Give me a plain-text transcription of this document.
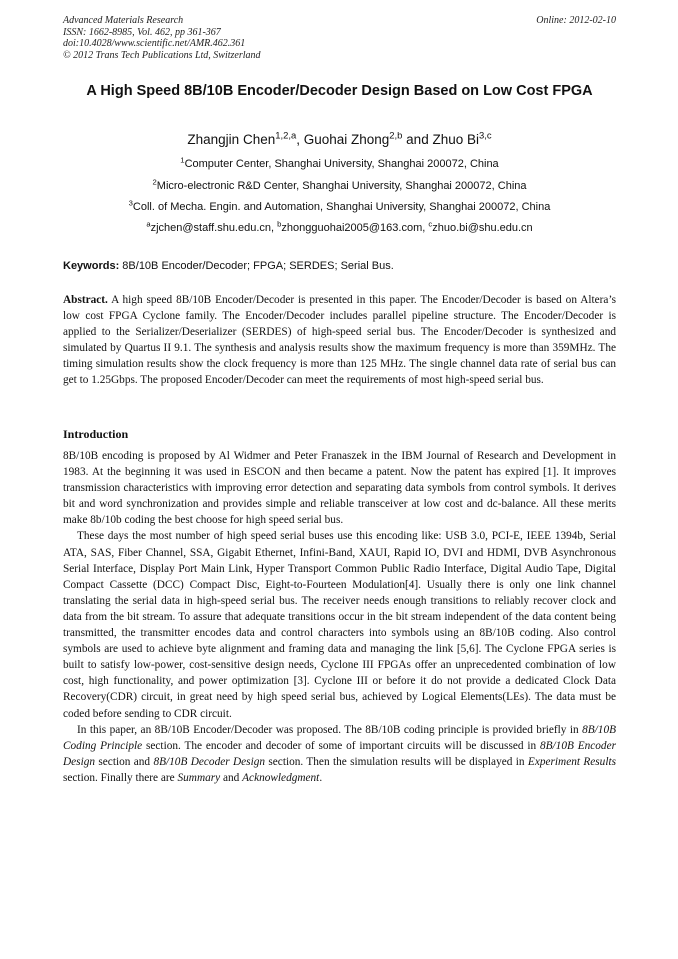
Advanced Materials Research
ISSN: 1662-8985, Vol. 462, pp 361-367
doi:10.4028/www.scientific.net/AMR.462.361
© 2012 Trans Tech Publications Ltd, Switzerland
Online: 2012-02-10
A High Speed 8B/10B Encoder/Decoder Design Based on Low Cost FPGA
Zhangjin Chen$^{1,2,a}$, Guohai Zhong$^{2,b}$ and Zhuo Bi$^{3,c}$
$^1$Computer Center, Shanghai University, Shanghai 200072, China
$^2$Micro-electronic R&D Center, Shanghai University, Shanghai 200072, China
$^3$Coll. of Mecha. Engin. and Automation, Shanghai University, Shanghai 200072, China
$^a$zjchen@staff.shu.edu.cn, $^b$zhongguohai2005@163.com, $^c$zhuo.bi@shu.edu.cn
Keywords: 8B/10B Encoder/Decoder; FPGA; SERDES; Serial Bus.

Abstract. A high speed 8B/10B Encoder/Decoder is presented in this paper. The Encoder/Decoder is based on Altera’s low cost FPGA Cyclone family. The Encoder/Decoder includes parallel pipeline structure. The Encoder/Decoder is applied to the Serializer/Deserializer (SERDES) of high-speed serial bus. The Encoder/Decoder is synthesized and simulated by Quartus II 9.1. The synthesis and analysis results show the maximum frequency is more than 359MHz. The timing simulation results show the clock frequency is more than 125 MHz. The single channel data rate of serial bus can get to 1.25Gbps. The proposed Encoder/Decoder can meet the requirements of most high-speed serial bus.

Introduction

8B/10B encoding is proposed by Al Widmer and Peter Franaszek in the IBM Journal of Research and Development in 1983. At the beginning it was used in ESCON and then became a patent. Now the patent has expired [1]. It improves transmission characteristics with improving error detection and separating data symbols from control symbols. It derives bit and word synchronization and provides simple and reliable transceiver at low cost and dc-balance. All these merits make 8b/10b coding the best choose for high speed serial bus.

These days the most number of high speed serial buses use this encoding like: USB 3.0, PCI-E, IEEE 1394b, Serial ATA, SAS, Fiber Channel, SSA, Gigabit Ethernet, Infini-Band, XAUI, Rapid IO, DVI and HDMI, DVB Asynchronous Serial Interface, Display Port Main Link, Hyper Transport Common Public Radio Interface, Digital Audio Tape, Digital Compact Cassette (DCC) Compact Disc, Eight-to-Fourteen Modulation[4]. Usually there is only one link channel translating the serial data in high-speed serial bus. The receiver needs enough transitions to reliably recover clock and data from the bit stream. To assure that adequate transitions occur in the bit stream independent of the data content being transmitted, the transmitter encodes data and control characters into symbols using an 8B/10B coding. Also control symbols are used to achieve byte alignment and framing data and managing the link [5,6]. The Cyclone FPGA series is built to satisfy low-power, cost-sensitive design needs, Cyclone III FPGAs offer an unprecedented combination of low cost, high functionality, and power optimization [3]. Cyclone III or before it do not provide a dedicated Clock Data Recovery(CDR) circuit, in great need by high speed serial bus, achieved by Logical Elements(LEs). The data must be coded before sending to CDR circuit.

In this paper, an 8B/10B Encoder/Decoder was proposed. The 8B/10B coding principle is provided briefly in 8B/10B Coding Principle section. The encoder and decoder of some of important circuits will be discussed in 8B/10B Encoder Design section and 8B/10B Decoder Design section. Then the simulation results will be displayed in Experiment Results section. Finally there are Summary and Acknowledgment.
